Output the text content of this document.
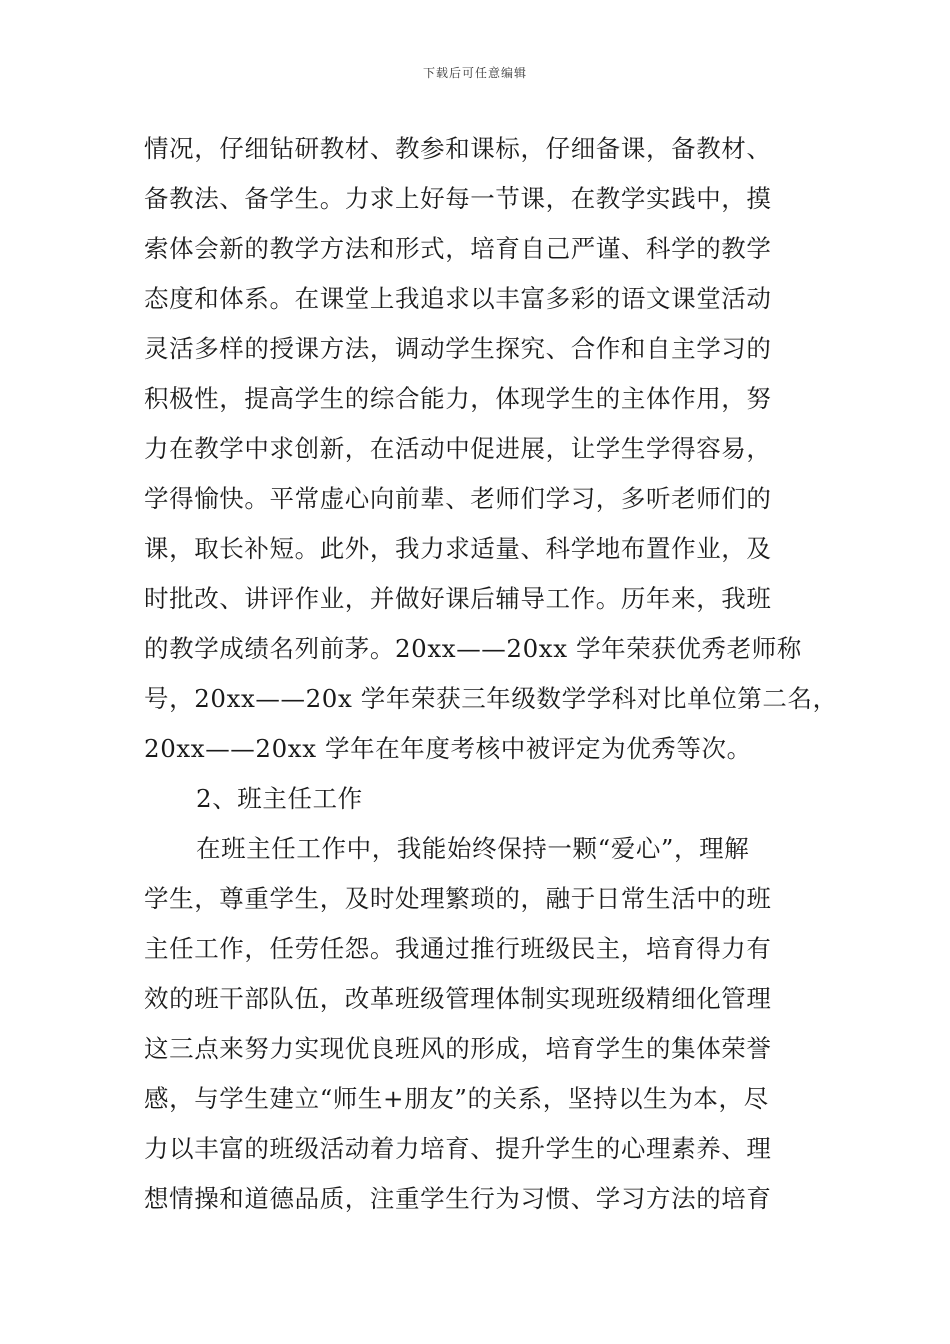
下载后可任意编辑
情况，仔细钻研教材、教参和课标，仔细备课，备教材、
备教法、备学生。力求上好每一节课，在教学实践中，摸
索体会新的教学方法和形式，培育自己严谨、科学的教学
态度和体系。在课堂上我追求以丰富多彩的语文课堂活动
灵活多样的授课方法，调动学生探究、合作和自主学习的
积极性，提高学生的综合能力，体现学生的主体作用，努
力在教学中求创新，在活动中促进展，让学生学得容易，
学得愉快。平常虚心向前辈、老师们学习，多听老师们的
课，取长补短。此外，我力求适量、科学地布置作业，及
时批改、讲评作业，并做好课后辅导工作。历年来，我班
的教学成绩名列前茅。20xx——20xx 学年荣获优秀老师称
号，20xx——20x 学年荣获三年级数学学科对比单位第二名，
20xx——20xx 学年在年度考核中被评定为优秀等次。
2、班主任工作
在班主任工作中，我能始终保持一颗“爱心”，理解
学生，尊重学生，及时处理繁琐的，融于日常生活中的班
主任工作，任劳任怨。我通过推行班级民主，培育得力有
效的班干部队伍，改革班级管理体制实现班级精细化管理
这三点来努力实现优良班风的形成，培育学生的集体荣誉
感，与学生建立“师生+朋友”的关系，坚持以生为本，尽
力以丰富的班级活动着力培育、提升学生的心理素养、理
想情操和道德品质，注重学生行为习惯、学习方法的培育
